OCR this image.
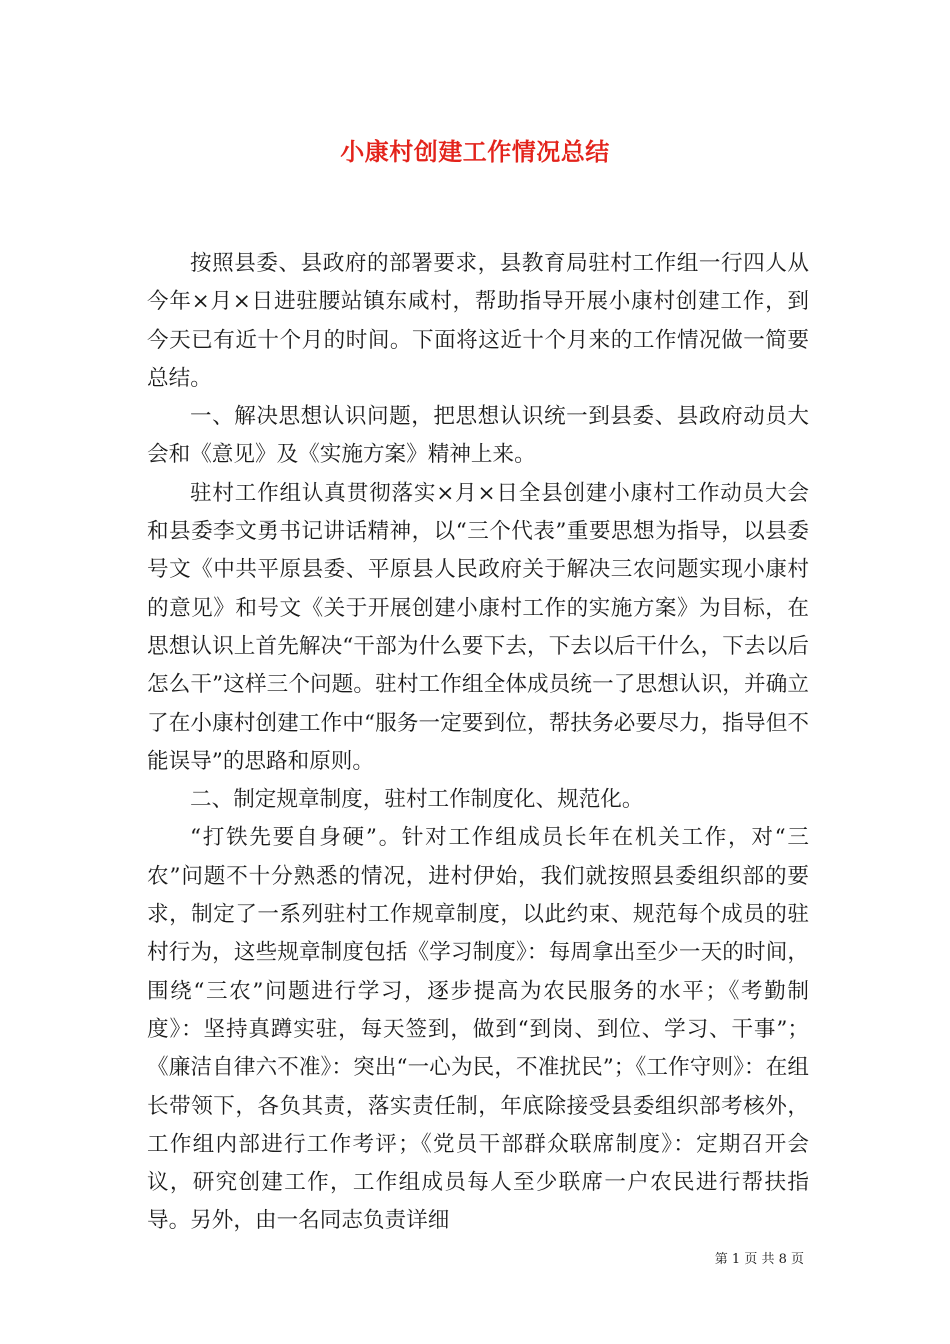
小康村创建工作情况总结

按照县委、县政府的部署要求，县教育局驻村工作组一行四人从今年×月×日进驻腰站镇东咸村，帮助指导开展小康村创建工作，到今天已有近十个月的时间。下面将这近十个月来的工作情况做一简要总结。

一、解决思想认识问题，把思想认识统一到县委、县政府动员大会和《意见》及《实施方案》精神上来。

驻村工作组认真贯彻落实×月×日全县创建小康村工作动员大会和县委李文勇书记讲话精神，以“三个代表”重要思想为指导，以县委号文《中共平原县委、平原县人民政府关于解决三农问题实现小康村的意见》和号文《关于开展创建小康村工作的实施方案》为目标，在思想认识上首先解决“干部为什么要下去，下去以后干什么，下去以后怎么干”这样三个问题。驻村工作组全体成员统一了思想认识，并确立了在小康村创建工作中“服务一定要到位，帮扶务必要尽力，指导但不能误导”的思路和原则。

二、制定规章制度，驻村工作制度化、规范化。

“打铁先要自身硬”。针对工作组成员长年在机关工作，对“三农”问题不十分熟悉的情况，进村伊始，我们就按照县委组织部的要求，制定了一系列驻村工作规章制度，以此约束、规范每个成员的驻村行为，这些规章制度包括《学习制度》：每周拿出至少一天的时间，围绕“三农”问题进行学习，逐步提高为农民服务的水平；《考勤制度》：坚持真蹲实驻，每天签到，做到“到岗、到位、学习、干事”；《廉洁自律六不准》：突出“一心为民，不准扰民”；《工作守则》：在组长带领下，各负其责，落实责任制，年底除接受县委组织部考核外，工作组内部进行工作考评；《党员干部群众联席制度》：定期召开会议，研究创建工作，工作组成员每人至少联席一户农民进行帮扶指导。另外，由一名同志负责详细

第 1 页 共 8 页
